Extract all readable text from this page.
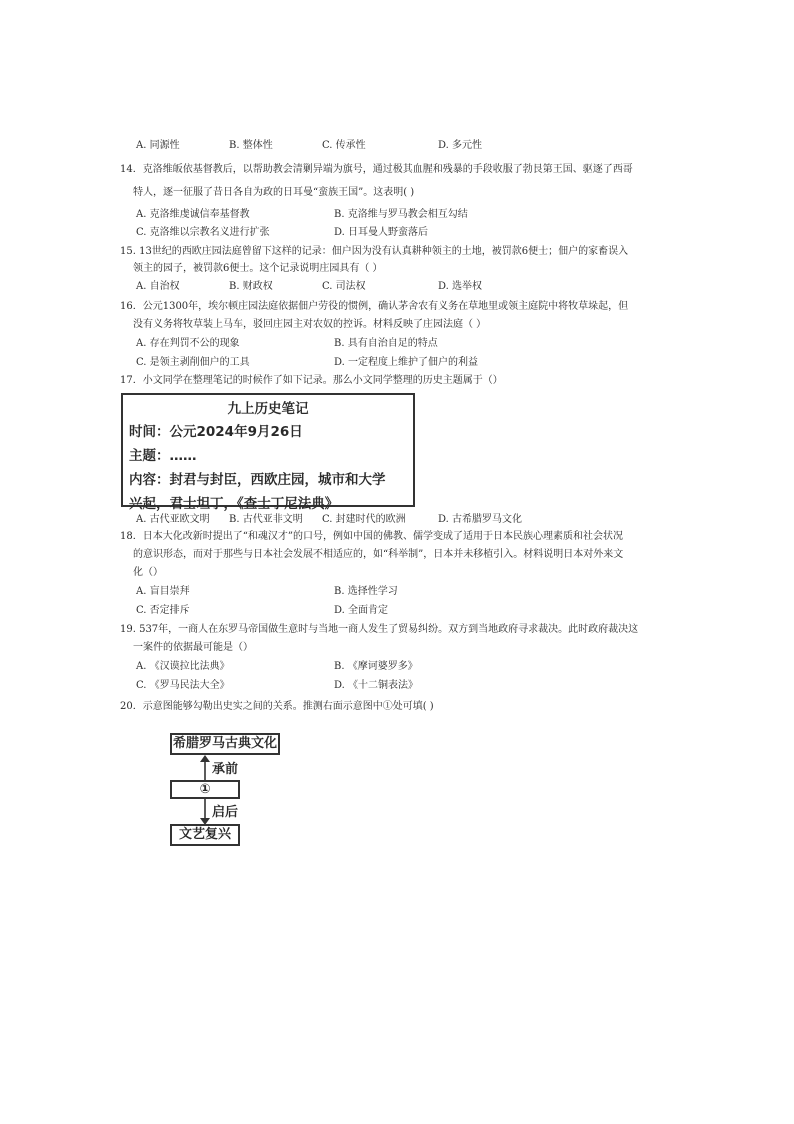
A. 同源性	B. 整体性	C. 传承性	D. 多元性
14．克洛维皈依基督教后，以帮助教会清剿异端为旗号，通过极其血腥和残暴的手段收服了勃艮第王国、驱逐了西哥
特人，逐一征服了昔日各自为政的日耳曼“蛮族王国”。这表明( )
A. 克洛维虔诚信奉基督教	B. 克洛维与罗马教会相互勾结
C. 克洛维以宗教名义进行扩张	D. 日耳曼人野蛮落后
15. 13世纪的西欧庄园法庭曾留下这样的记录：佃户因为没有认真耕种领主的土地，被罚款6便士；佃户的家畜误入
领主的园子，被罚款6便士。这个记录说明庄园具有（ ）
A. 自治权	B. 财政权	C. 司法权	D. 选举权
16．公元1300年，埃尔顿庄园法庭依据佃户劳役的惯例，确认茅舍农有义务在草地里或领主庭院中将牧草垛起，但
没有义务将牧草装上马车，驳回庄园主对农奴的控诉。材料反映了庄园法庭（ ）
A. 存在判罚不公的现象	B. 具有自治自足的特点
C. 是领主剥削佃户的工具	D. 一定程度上维护了佃户的利益
17．小文同学在整理笔记的时候作了如下记录。那么小文同学整理的历史主题属于（）
九上历史笔记
时间：公元2024年9月26日
主题：……
内容：封君与封臣，西欧庄园，城市和大学
兴起，君士坦丁，《查士丁尼法典》
A. 古代亚欧文明 B. 古代亚非文明 C. 封建时代的欧洲	D. 古希腊罗马文化
18．日本大化改新时提出了“和魂汉才”的口号，例如中国的佛教、儒学变成了适用于日本民族心理素质和社会状况
的意识形态，而对于那些与日本社会发展不相适应的，如“科举制”，日本并未移植引入。材料说明日本对外来文
化（）
A. 盲目崇拜	B. 选择性学习
C. 否定排斥	D. 全面肯定
19. 537年，一商人在东罗马帝国做生意时与当地一商人发生了贸易纠纷。双方到当地政府寻求裁决。此时政府裁决这
一案件的依据最可能是（）
A. 《汉谟拉比法典》	B. 《摩诃婆罗多》
C. 《罗马民法大全》	D. 《十二铜表法》
20．示意图能够勾勒出史实之间的关系。推测右面示意图中①处可填( )
希腊罗马古典文化
承前
①
启后
文艺复兴
